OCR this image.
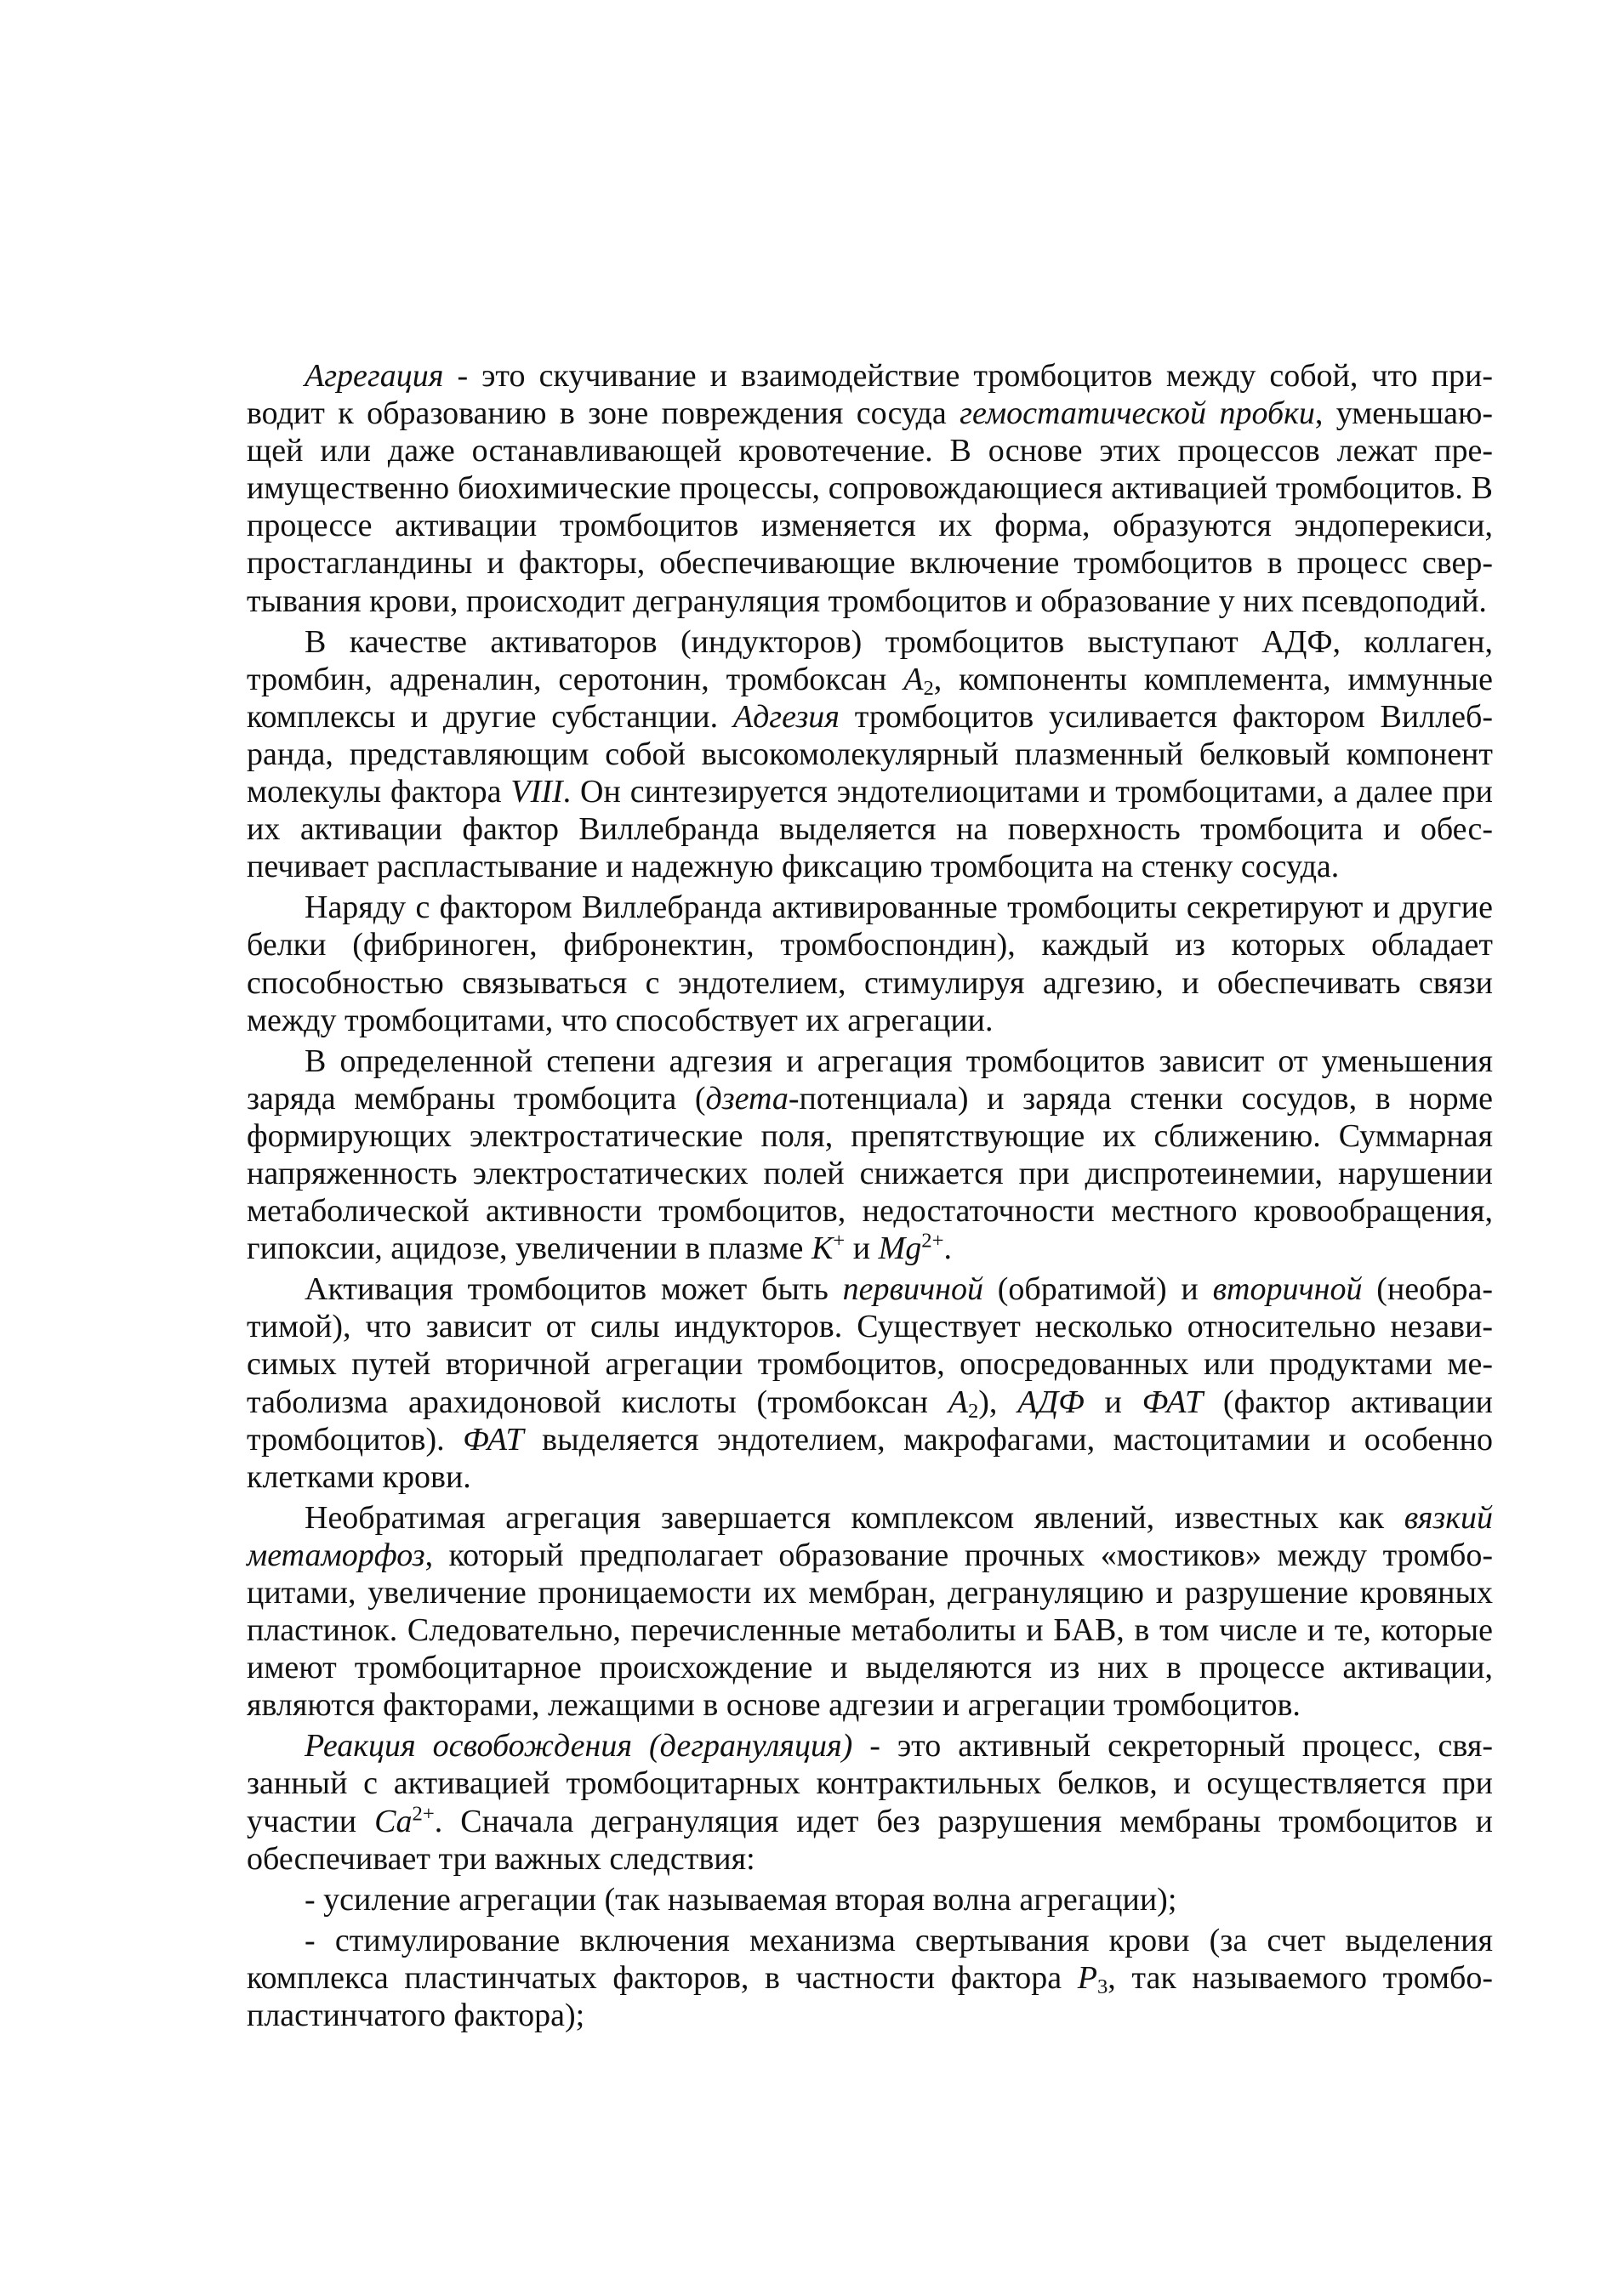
Агрегация - это скучивание и взаимодействие тромбоцитов между собой, что приводит к образованию в зоне повреждения сосуда гемостатической пробки, уменьшающей или даже останавливающей кровотечение. В основе этих процессов лежат преимущественно биохимические процессы, сопровождающиеся активацией тромбоцитов. В процессе активации тромбоцитов изменяется их форма, образуются эндоперекиси, простагландины и факторы, обеспечивающие включение тромбоцитов в процесс свертывания крови, происходит дегрануляция тромбоцитов и образование у них псевдоподий.

В качестве активаторов (индукторов) тромбоцитов выступают АДФ, коллаген, тромбин, адреналин, серотонин, тромбоксан $A_2$, компоненты комплемента, иммунные комплексы и другие субстанции. Адгезия тромбоцитов усиливается фактором Виллебранда, представляющим собой высокомолекулярный плазменный белковый компонент молекулы фактора VIII. Он синтезируется эндотелиоцитами и тромбоцитами, а далее при их активации фактор Виллебранда выделяется на поверхность тромбоцита и обеспечивает распластывание и надежную фиксацию тромбоцита на стенку сосуда.

Наряду с фактором Виллебранда активированные тромбоциты секретируют и другие белки (фибриноген, фибронектин, тромбоспондин), каждый из которых обладает способностью связываться с эндотелием, стимулируя адгезию, и обеспечивать связи между тромбоцитами, что способствует их агрегации.

В определенной степени адгезия и агрегация тромбоцитов зависит от уменьшения заряда мембраны тромбоцита (дзета-потенциала) и заряда стенки сосудов, в норме формирующих электростатические поля, препятствующие их сближению. Суммарная напряженность электростатических полей снижается при диспротеинемии, нарушении метаболической активности тромбоцитов, недостаточности местного кровообращения, гипоксии, ацидозе, увеличении в плазме K+ и $Mg^{2+}$.

Активация тромбоцитов может быть первичной (обратимой) и вторичной (необратимой), что зависит от силы индукторов. Существует несколько относительно независимых путей вторичной агрегации тромбоцитов, опосредованных или продуктами метаболизма арахидоновой кислоты (тромбоксан $A_2$), АДФ и ФАТ (фактор активации тромбоцитов). ФАТ выделяется эндотелием, макрофагами, мастоцитамии и особенно клетками крови.

Необратимая агрегация завершается комплексом явлений, известных как вязкий метаморфоз, который предполагает образование прочных «мостиков» между тромбоцитами, увеличение проницаемости их мембран, дегрануляцию и разрушение кровяных пластинок. Следовательно, перечисленные метаболиты и БАВ, в том числе и те, которые имеют тромбоцитарное происхождение и выделяются из них в процессе активации, являются факторами, лежащими в основе адгезии и агрегации тромбоцитов.

Реакция освобождения (дегрануляция) - это активный секреторный процесс, связанный с активацией тромбоцитарных контрактильных белков, и осуществляется при участии $Ca^{2+}$. Сначала дегрануляция идет без разрушения мембраны тромбоцитов и обеспечивает три важных следствия:

- усиление агрегации (так называемая вторая волна агрегации);

- стимулирование включения механизма свертывания крови (за счет выделения комплекса пластинчатых факторов, в частности фактора $P_3$, так называемого тромбопластинчатого фактора);
